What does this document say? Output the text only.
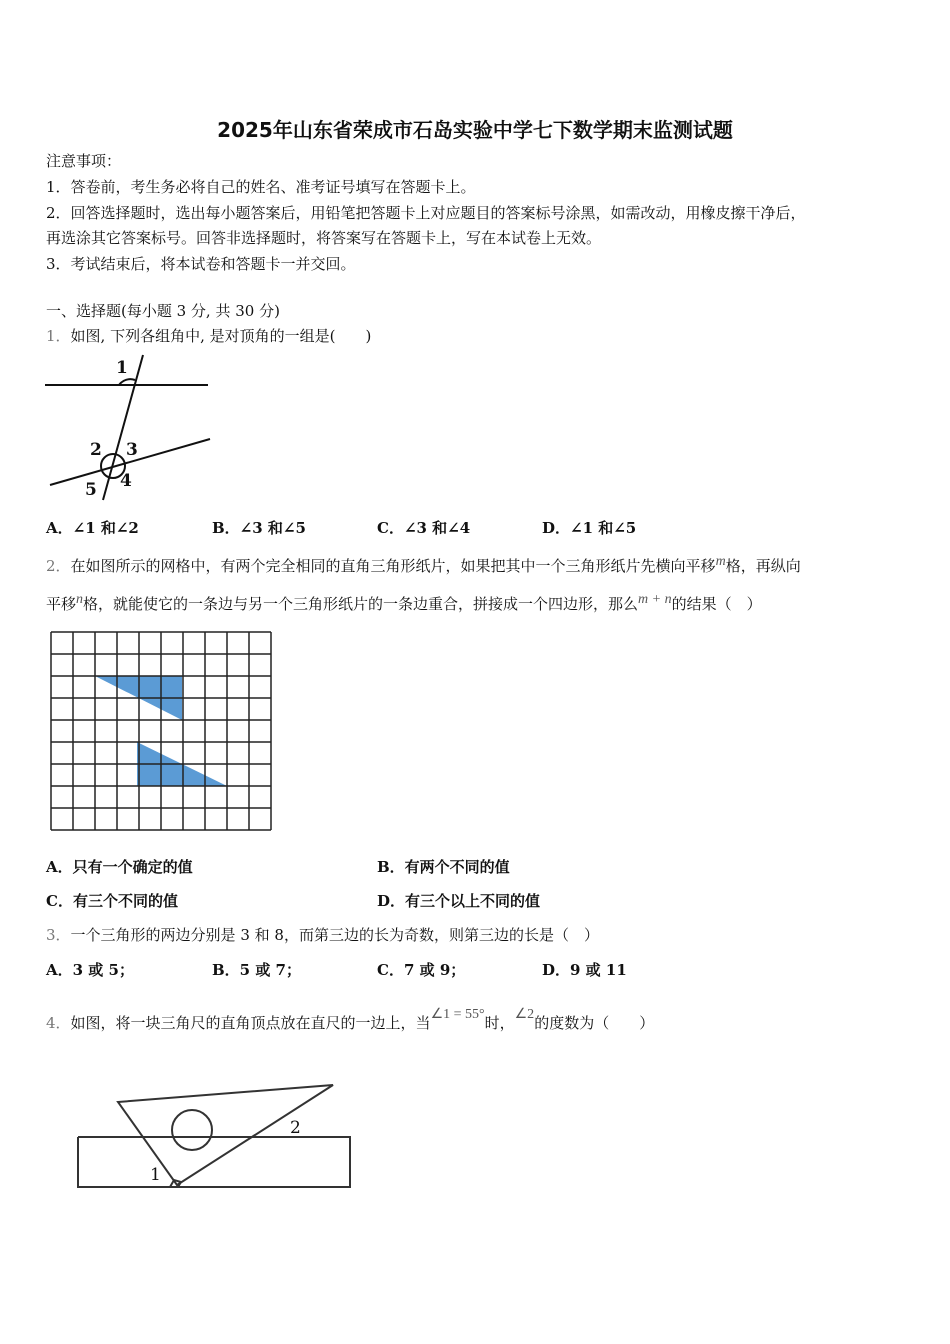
2025年山东省荣成市石岛实验中学七下数学期末监测试题
注意事项：
1．答卷前，考生务必将自己的姓名、准考证号填写在答题卡上。
2．回答选择题时，选出每小题答案后，用铅笔把答题卡上对应题目的答案标号涂黑，如需改动，用橡皮擦干净后，
再选涂其它答案标号。回答非选择题时，将答案写在答题卡上，写在本试卷上无效。
3．考试结束后，将本试卷和答题卡一并交回。
一、选择题(每小题 3 分, 共 30 分)
1．如图, 下列各组角中, 是对顶角的一组是(　　)
1
2 3
4
5
A．∠1 和∠2	B．∠3 和∠5	C．∠3 和∠4	D．∠1 和∠5
2．在如图所示的网格中，有两个完全相同的直角三角形纸片，如果把其中一个三角形纸片先横向平移m格，再纵向
平移n格，就能使它的一条边与另一个三角形纸片的一条边重合，拼接成一个四边形，那么m + n的结果（　）
A．只有一个确定的值	B．有两个不同的值
C．有三个不同的值	D．有三个以上不同的值
3．一个三角形的两边分别是 3 和 8，而第三边的长为奇数，则第三边的长是（　）
A．3 或 5；	B．5 或 7；	C．7 或 9；	D．9 或 11
4．如图，将一块三角尺的直角顶点放在直尺的一边上，当∠1 = 55°时，∠2的度数为（　　）
1
2
